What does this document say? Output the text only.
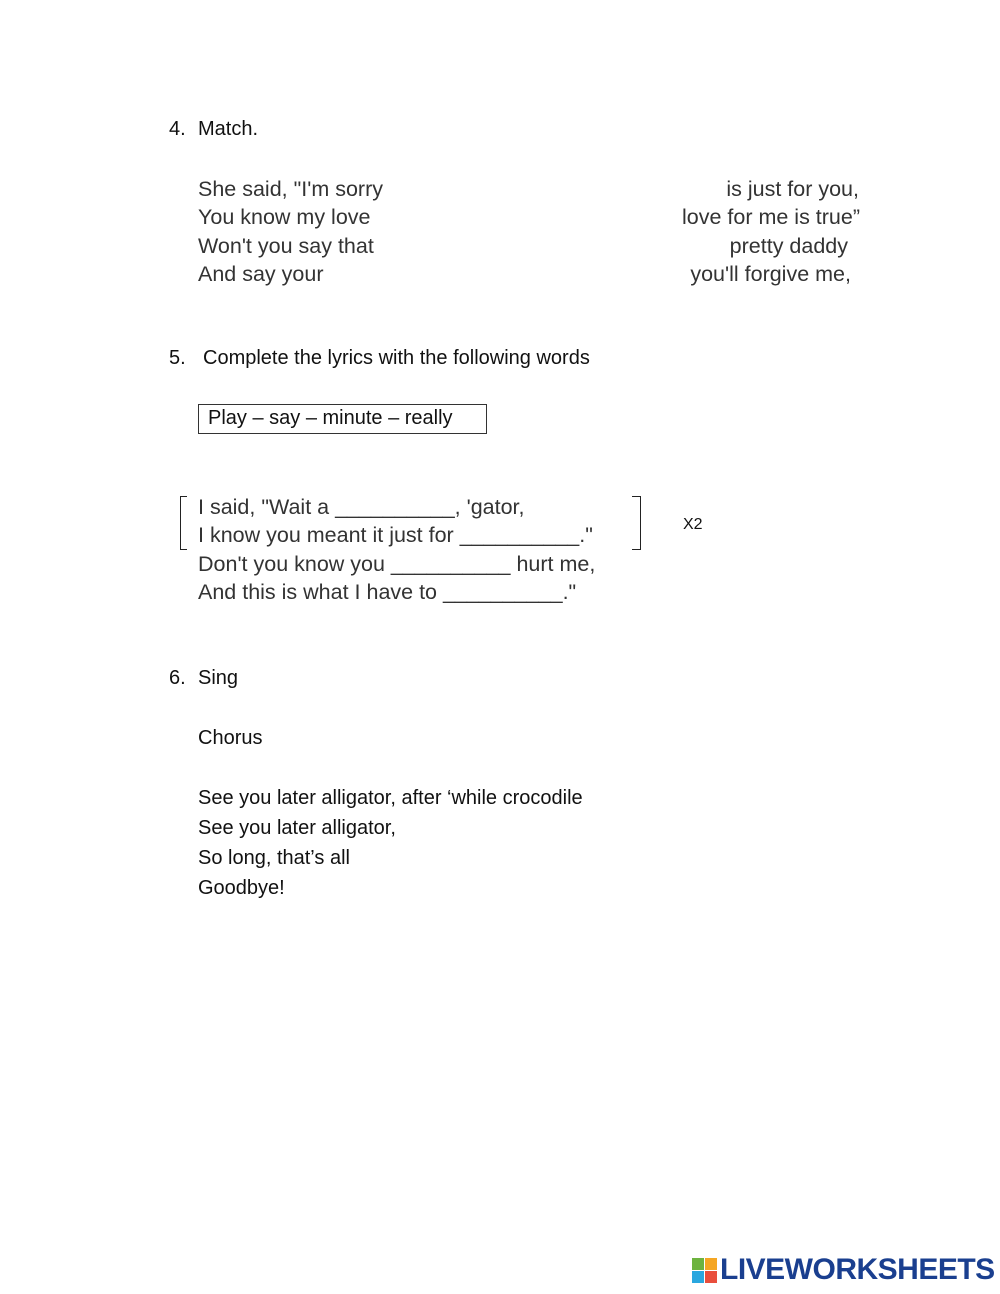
4. Match.
She said, "I'm sorry
You know my love
Won't you say that
And say your
is just for you,
love for me is true”
pretty daddy
you'll forgive me,
5. Complete the lyrics with the following words
Play – say – minute – really
I said, "Wait a __________, 'gator,
I know you meant it just for __________."
Don't you know you __________ hurt me,
And this is what I have to __________."
X2
6. Sing
Chorus
See you later alligator, after ‘while crocodile
See you later alligator,
So long, that’s all
Goodbye!
LIVEWORKSHEETS
